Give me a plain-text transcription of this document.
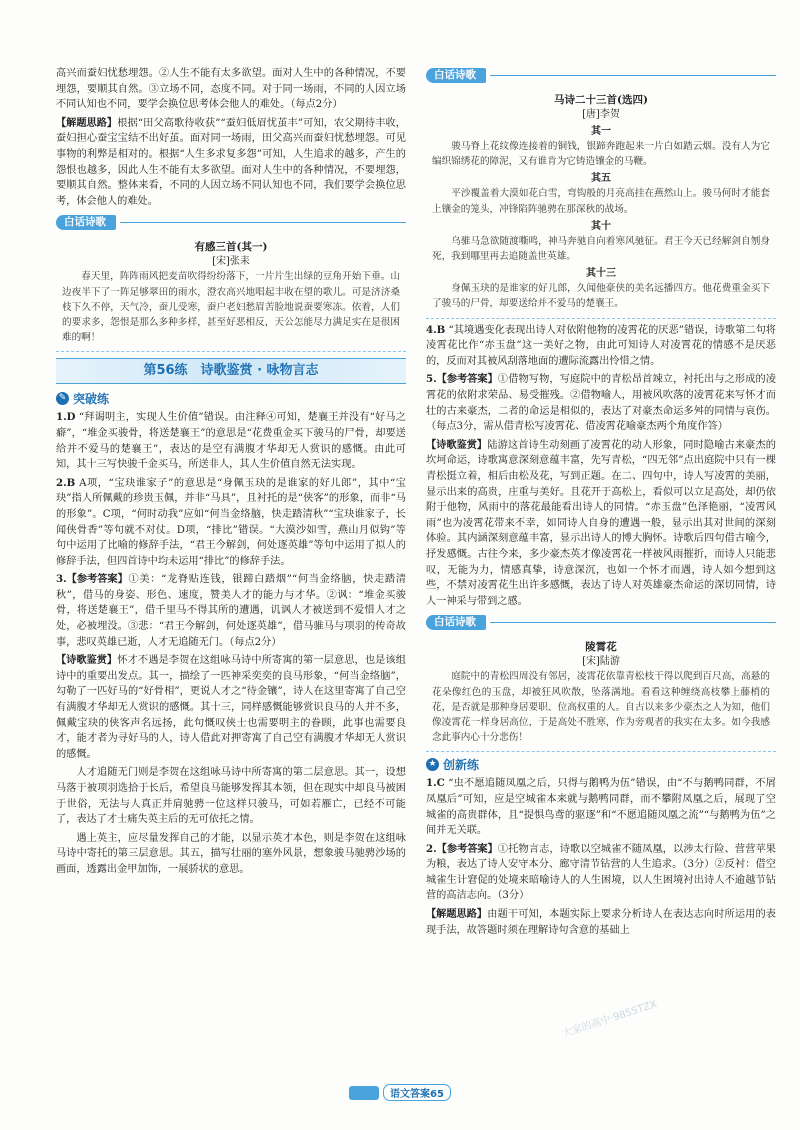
高兴而蚕妇忧愁埋怨。②人生不能有太多欲望。面对人生中的各种情况，不要埋怨，要顺其自然。③立场不同，态度不同。对于同一场雨，不同的人因立场不同认知也不同，要学会换位思考体会他人的难处。（每点2分）

【解题思路】根据“田父高歌待收获”“蚕妇低眉忧茧丰”可知，农父期待丰收，蚕妇担心蚕宝宝结不出好茧。面对同一场雨，田父高兴而蚕妇忧愁埋怨。可见事物的利弊是相对的。根据“人生多求复多怨”可知，人生追求的越多，产生的怨恨也越多，因此人生不能有太多欲望。面对人生中的各种情况，不要埋怨，要顺其自然。整体来看，不同的人因立场不同认知也不同，我们要学会换位思考，体会他人的难处。

白话诗歌
有感三首(其一)
[宋]张耒

春天里，阵阵雨风把麦苗吹得纷纷落下，一片片生出绿的豆角开始下垂。山边夜半下了一阵足够翠田的雨水，澄农高兴地唱起丰收在望的歌儿。可是济济桑枝下久不停，天气冷，蚕儿受寒，蚕户老妇愁眉苦脸地说蚕要寒冻。依着，人们的要求多，怨恨是那么多种多样，甚至好恶相反，天公怎能尽力满足实在是很困难的啊！

第56练　诗歌鉴赏 · 咏物言志
✎ 突破练

1.D “拜谒明主，实现人生价值”错误。由注释④可知，楚襄王并没有“好马之癖”，“堆金买骏骨，将送楚襄王”的意思是“花费重金买下骏马的尸骨，却要送给并不爱马的楚襄王”，表达的是空有满腹才华却无人赏识的感慨。由此可知，其十三写快骏千金买马，所送非人，其人生价值自然无法实现。

2.B A项，“宝玦谁家子”的意思是“身佩玉玦的是谁家的好儿郎”，其中“宝玦”指人所佩戴的珍贵玉佩，并非“马具”，且衬托的是“侠客”的形象，而非“马的形象”。C项，“何时动我”应如“何当金络脑，快走踏清秋”“宝玦谁家子，长闻侠骨香”等句就不对仗。D项，“排比”错误。“大漠沙如雪，燕山月似钩”等句中运用了比喻的修辞手法，“君王今解剑，何处逐英雄”等句中运用了拟人的修辞手法，但四首诗中均未运用“排比”的修辞手法。

3.【参考答案】①美：“龙脊贴连钱，银蹄白踏烟”“何当金络脑，快走踏清秋”，借马的身姿、形色、速度，赞美人才的能力与才华。②讽：“堆金买骏骨，将送楚襄王”，借千里马不得其所的遭遇，讥讽人才被送到不爱惜人才之处，必被埋没。③悲：“君王今解剑，何处逐英雄”，借马骓马与项羽的传奇故事，悲叹英雄已逝，人才无追随无门。（每点2分）

【诗歌鉴赏】怀才不遇是李贺在这组咏马诗中所寄寓的第一层意思，也是该组诗中的重要出发点。其一，描绘了一匹神采奕奕的良马形象，“何当金络脑”，勾勒了一匹好马的“好骨相”，更说人才之“待金镶”，诗人在这里寄寓了自己空有满腹才华却无人赏识的感慨。其十三，同样感慨能够赏识良马的人并不多，佩戴宝玦的侠客声名远扬，此句慨叹侠士也需要明主的眷顾，此事也需要良才，能才者为寻好马的人，诗人借此对押寄寓了自己空有满腹才华却无人赏识的感慨。

人才追随无门则是李贺在这组咏马诗中所寄寓的第二层意思。其一，设想马落于被项羽选拾于长后，希望良马能够发挥其本领，但在现实中却良马被困于世俗，无法与人真正并肩驰骋一位这样只骏马，可如若雁亡，已经不可能了，表达了才士痛失英主后的无可依托之情。

遇上英主，应尽量发挥自己的才能，以显示英才本色，则是李贺在这组咏马诗中寄托的第三层意思。其五，描写壮丽的塞外风景，想象骏马驰骋沙场的画面，透露出金甲加饰，一展骄状的意思。

白话诗歌
马诗二十三首(选四)
[唐]李贺
其一

骏马脊上花纹像连接着的铜钱，银蹄奔跑起来一片白如踏云烟。没有人为它编织锦绣花的障泥，又有谁肯为它铸造镶金的马鞭。

其五

平沙覆盖着大漠如花白雪，弯钩般的月亮高挂在燕然山上。骏马何时才能套上镶金的笼头，冲锋陷阵驰骋在那深秋的战场。

其十

乌骓马急欲随渡嘶鸣，神马奔驰自向着寒风驰征。君王今天已经解剑自刎身死，我到哪里再去追随盖世英雄。

其十三

身佩玉玦的是谁家的好儿郎，久闻他豪侠的美名远播四方。他花费重金买下了骏马的尸骨，却要送给并不爱马的楚襄王。

4.B “其境遇变化表现出诗人对依附他物的凌霄花的厌恶”错误，诗歌第二句将凌霄花比作“赤玉盘”这一美好之物，由此可知诗人对凌霄花的情感不是厌恶的，反而对其被风刮落地面的遭际流露出怜惜之情。

5.【参考答案】①借物写物，写庭院中的青松昂首竦立，衬托出与之形成的凌霄花的依附求荣品、易受摧残。②借物喻人，用被风吹落的凌霄花来写怀才而壮的古来豪杰，二者的命运是相似的，表达了对豪杰命运多舛的同情与哀伤。（每点3分，需从借青松写凌霄花、借凌霄花喻豪杰两个角度作答）

【诗歌鉴赏】陆游这首诗生动刻画了凌霄花的动人形象，同时隐喻古来豪杰的坎坷命运，诗歌寓意深刻意蕴丰富，先写青松，“四无邻”点出庭院中只有一棵青松挺立着，相后由松及花，写到正题。在二、四句中，诗人写凌霄的美丽，显示出来的高贵，庄重与美好。且花开于高松上，看似可以立足高处，却仍依附于他物，风雨中的落花最能看出诗人的同情。“赤玉盘”色泽艳丽，“凌霄风雨”也为凌霄花带来不幸，如同诗人自身的遭遇一般，显示出其对世间的深刻体验。其内涵深刻意蕴丰富，显示出诗人的博大胸怀。诗歌后四句借古喻今，抒发感慨。古往今来，多少豪杰英才像凌霄花一样被风雨摧折，而诗人只能悲叹，无能为力，情感真挚，诗意深沉，也如一个怀才而遇，诗人如今想到这些，不禁对凌霄花生出许多感慨，表达了诗人对英雄豪杰命运的深切同情，诗人一神采与带到之感。

白话诗歌
陵霄花
[宋]陆游

庭院中的青松四周没有邻居，凌霄花依靠青松枝干得以爬到百尺高，高悬的花朵像红色的玉盘，却被狂风吹散，坠落满地。看看这种缠绕高枝攀上藤梢的花，是否就是那种身居要职、位高权重的人。自古以来多少豪杰之人为知，他们像凌霄花一样身居高位，于是高处不胜寒，作为旁观者的我实在太多。如今我感念此事内心十分悲伤！

★ 创新练

1.C “虫不愿追随凤凰之后，只得与鹅鸭为伍”错误，由“不与鹅鸭同群，不屑凤凰后”可知，应是空城雀本来就与鹅鸭同群，而不攀附凤凰之后，展现了空城雀的高贵群体，且“提惧鸟鸢的驱逐”和“不愿追随凤凰之流”“与鹅鸭为伍”之间并无关联。

2.【参考答案】①托物言志，诗歌以空城雀不随凤凰，以涉太行险、营营苹果为粮，表达了诗人安守本分、廊守清节钻营的人生追求。（3分）②反衬：借空城雀生计窘促的处境来暗喻诗人的人生困境，以人生困境衬出诗人不逾越节钻营的高洁志向。（3分）

【解题思路】由题干可知，本题实际上要求分析诗人在表达志向时所运用的表现手法，故答题时须在理解诗句含意的基础上

大家的高中·985STZX
语文答案65
